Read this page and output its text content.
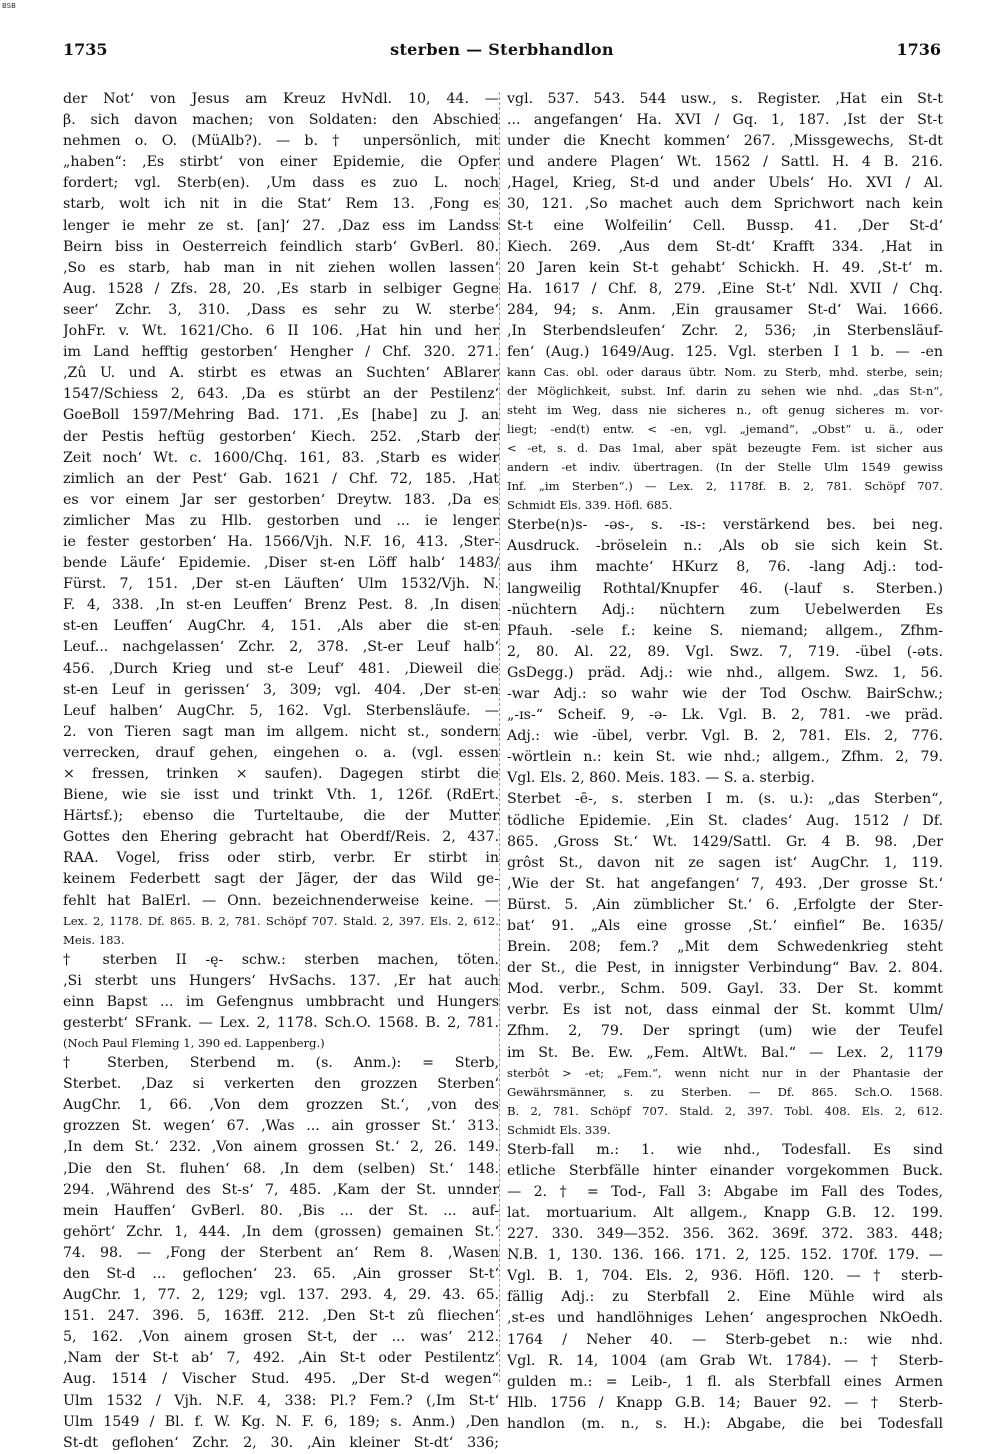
BSB
1735	sterben — Sterbhandlon	1736
der Not‘ von Jesus am Kreuz HvNdl. 10, 44. —
β. sich davon machen; von Soldaten: den Abschied
nehmen o. O. (MüAlb?). — b. † unpersönlich, mit
„haben“: ‚Es stirbt‘ von einer Epidemie, die Opfer
fordert; vgl. Sterb(en). ‚Um dass es zuo L. noch
starb, wolt ich nit in die Stat‘ Rem 13. ‚Fong es
lenger ie mehr ze st. [an]‘ 27. ‚Daz ess im Landss
Beirn biss in Oesterreich feindlich starb‘ GvBerl. 80.
‚So es starb, hab man in nit ziehen wollen lassen‘
Aug. 1528 / Zfs. 28, 20. ‚Es starb in selbiger Gegne
seer‘ Zchr. 3, 310. ‚Dass es sehr zu W. sterbe‘
JohFr. v. Wt. 1621/Cho. 6 II 106. ‚Hat hin und her
im Land hefftig gestorben‘ Hengher / Chf. 320. 271.
‚Zû U. und A. stirbt es etwas an Suchten‘ ABlarer
1547/Schiess 2, 643. ‚Da es stürbt an der Pestilenz‘
GoeBoll 1597/Mehring Bad. 171. ‚Es [habe] zu J. an
der Pestis heftüg gestorben‘ Kiech. 252. ‚Starb der
Zeit noch‘ Wt. c. 1600/Chq. 161, 83. ‚Starb es wider
zimlich an der Pest‘ Gab. 1621 / Chf. 72, 185. ‚Hat
es vor einem Jar ser gestorben‘ Dreytw. 183. ‚Da es
zimlicher Mas zu Hlb. gestorben und ... ie lenger
ie fester gestorben‘ Ha. 1566/Vjh. N.F. 16, 413. ‚Ster-
bende Läufe‘ Epidemie. ‚Diser st-en Löff halb‘ 1483/
Fürst. 7, 151. ‚Der st-en Läuften‘ Ulm 1532/Vjh. N.
F. 4, 338. ‚In st-en Leuffen‘ Brenz Pest. 8. ‚In disen
st-en Leuffen‘ AugChr. 4, 151. ‚Als aber die st-en
Leuf... nachgelassen‘ Zchr. 2, 378. ‚St-er Leuf halb‘
456. ‚Durch Krieg und st-e Leuf‘ 481. ‚Dieweil die
st-en Leuf in gerissen‘ 3, 309; vgl. 404. ‚Der st-en
Leuf halben‘ AugChr. 5, 162. Vgl. Sterbensläufe. —
2. von Tieren sagt man im allgem. nicht st., sondern
verrecken, drauf gehen, eingehen o. a. (vgl. essen
× fressen, trinken × saufen). Dagegen stirbt die
Biene, wie sie isst und trinkt Vth. 1, 126f. (RdErt.
Härtsf.); ebenso die Turteltaube, die der Mutter
Gottes den Ehering gebracht hat Oberdf/Reis. 2, 437.
RAA. Vogel, friss oder stirb, verbr. Er stirbt in
keinem Federbett sagt der Jäger, der das Wild ge-
fehlt hat BalErl. — Onn. bezeichnenderweise keine. —
Lex. 2, 1178. Df. 865. B. 2, 781. Schöpf 707. Stald. 2, 397. Els. 2, 612.
Meis. 183.
† sterben II -ę- schw.: sterben machen, töten.
‚Si sterbt uns Hungers‘ HvSachs. 137. ‚Er hat auch
einn Bapst ... im Gefengnus umbbracht und Hungers
gesterbt‘ SFrank. — Lex. 2, 1178. Sch.O. 1568. B. 2, 781.
(Noch Paul Fleming 1, 390 ed. Lappenberg.)
† Sterben, Sterbend m. (s. Anm.): = Sterb,
Sterbet. ‚Daz si verkerten den grozzen Sterben‘
AugChr. 1, 66. ‚Von dem grozzen St.‘, ‚von des
grozzen St. wegen‘ 67. ‚Was ... ain grosser St.‘ 313.
‚In dem St.‘ 232. ‚Von ainem grossen St.‘ 2, 26. 149.
‚Die den St. fluhen‘ 68. ‚In dem (selben) St.‘ 148.
294. ‚Während des St-s‘ 7, 485. ‚Kam der St. unnder
mein Hauffen‘ GvBerl. 80. ‚Bis ... der St. ... auf-
gehört‘ Zchr. 1, 444. ‚In dem (grossen) gemainen St.‘
74. 98. — ‚Fong der Sterbent an‘ Rem 8. ‚Wasen
den St-d ... geflochen‘ 23. 65. ‚Ain grosser St-t‘
AugChr. 1, 77. 2, 129; vgl. 137. 293. 4, 29. 43. 65.
151. 247. 396. 5, 163ff. 212. ‚Den St-t zû fliechen‘
5, 162. ‚Von ainem grosen St-t, der ... was‘ 212.
‚Nam der St-t ab‘ 7, 492. ‚Ain St-t oder Pestilentz‘
Aug. 1514 / Vischer Stud. 495. „Der St-d wegen“
Ulm 1532 / Vjh. N.F. 4, 338: Pl.? Fem.? (‚Im St-t‘
Ulm 1549 / Bl. f. W. Kg. N. F. 6, 189; s. Anm.) ‚Den
St-dt geflohen‘ Zchr. 2, 30. ‚Ain kleiner St-dt‘ 336;
vgl. 537. 543. 544 usw., s. Register. ‚Hat ein St-t
... angefangen‘ Ha. XVI / Gq. 1, 187. ‚Ist der St-t
under die Knecht kommen‘ 267. ‚Missgewechs, St-dt
und andere Plagen‘ Wt. 1562 / Sattl. H. 4 B. 216.
‚Hagel, Krieg, St-d und ander Ubels‘ Ho. XVI / Al.
30, 121. ‚So machet auch dem Sprichwort nach kein
St-t eine Wolfeilin‘ Cell. Bussp. 41. ‚Der St-d‘
Kiech. 269. ‚Aus dem St-dt‘ Krafft 334. ‚Hat in
20 Jaren kein St-t gehabt‘ Schickh. H. 49. ‚St-t‘ m.
Ha. 1617 / Chf. 8, 279. ‚Eine St-t‘ Ndl. XVII / Chq.
284, 94; s. Anm. ‚Ein grausamer St-d‘ Wai. 1666.
‚In Sterbendsleufen‘ Zchr. 2, 536; ‚in Sterbensläuf-
fen‘ (Aug.) 1649/Aug. 125. Vgl. sterben I 1 b. — -en
kann Cas. obl. oder daraus übtr. Nom. zu Sterb, mhd. sterbe, sein;
der Möglichkeit, subst. Inf. darin zu sehen wie nhd. „das St-n“,
steht im Weg, dass nie sicheres n., oft genug sicheres m. vor-
liegt; -end(t) entw. < -en, vgl. „jemand“, „Obst“ u. ä., oder
< -et, s. d. Das 1mal, aber spät bezeugte Fem. ist sicher aus
andern -et indiv. übertragen. (In der Stelle Ulm 1549 gewiss
Inf. „im Sterben“.) — Lex. 2, 1178f. B. 2, 781. Schöpf 707.
Schmidt Els. 339. Höfl. 685.
Sterbe(n)s- -əs-, s. -ɪs-: verstärkend bes. bei neg.
Ausdruck. -bröselein n.: ‚Als ob sie sich kein St.
aus ihm machte‘ HKurz 8, 76. -lang Adj.: tod-
langweilig Rothtal/Knupfer 46. (-lauf s. Sterben.)
-nüchtern Adj.: nüchtern zum Uebelwerden Es
Pfauh. -sele f.: keine S. niemand; allgem., Zfhm-
2, 80. Al. 22, 89. Vgl. Swz. 7, 719. -übel (-əts.
GsDegg.) präd. Adj.: wie nhd., allgem. Swz. 1, 56.
-war Adj.: so wahr wie der Tod Oschw. BairSchw.;
„-ɪs-“ Scheif. 9, -ə- Lk. Vgl. B. 2, 781. -we präd.
Adj.: wie -übel, verbr. Vgl. B. 2, 781. Els. 2, 776.
-wörtlein n.: kein St. wie nhd.; allgem., Zfhm. 2, 79.
Vgl. Els. 2, 860. Meis. 183. — S. a. sterbig.
Sterbet -ē-, s. sterben I m. (s. u.): „das Sterben“,
tödliche Epidemie. ‚Ein St. clades‘ Aug. 1512 / Df.
865. ‚Gross St.‘ Wt. 1429/Sattl. Gr. 4 B. 98. ‚Der
grôst St., davon nit ze sagen ist‘ AugChr. 1, 119.
‚Wie der St. hat angefangen‘ 7, 493. ‚Der grosse St.‘
Bürst. 5. ‚Ain zümblicher St.‘ 6. ‚Erfolgte der Ster-
bat‘ 91. „Als eine grosse ‚St.‘ einfiel“ Be. 1635/
Brein. 208; fem.? „Mit dem Schwedenkrieg steht
der St., die Pest, in innigster Verbindung“ Bav. 2. 804.
Mod. verbr., Schm. 509. Gayl. 33. Der St. kommt
verbr. Es ist not, dass einmal der St. kommt Ulm/
Zfhm. 2, 79. Der springt (um) wie der Teufel
im St. Be. Ew. „Fem. AltWt. Bal.“ — Lex. 2, 1179
sterbôt > -et; „Fem.“, wenn nicht nur in der Phantasie der
Gewährsmänner, s. zu Sterben. — Df. 865. Sch.O. 1568.
B. 2, 781. Schöpf 707. Stald. 2, 397. Tobl. 408. Els. 2, 612.
Schmidt Els. 339.
Sterb-fall m.: 1. wie nhd., Todesfall. Es sind
etliche Sterbfälle hinter einander vorgekommen Buck.
— 2. † = Tod-, Fall 3: Abgabe im Fall des Todes,
lat. mortuarium. Alt allgem., Knapp G.B. 12. 199.
227. 330. 349—352. 356. 362. 369f. 372. 383. 448;
N.B. 1, 130. 136. 166. 171. 2, 125. 152. 170f. 179. —
Vgl. B. 1, 704. Els. 2, 936. Höfl. 120. — † sterb-
fällig Adj.: zu Sterbfall 2. Eine Mühle wird als
‚st-es und handlöhniges Lehen‘ angesprochen NkOedh.
1764 / Neher 40. — Sterb-gebet n.: wie nhd.
Vgl. R. 14, 1004 (am Grab Wt. 1784). — † Sterb-
gulden m.: = Leib-, 1 fl. als Sterbfall eines Armen
Hlb. 1756 / Knapp G.B. 14; Bauer 92. — † Sterb-
handlon (m. n., s. H.): Abgabe, die bei Todesfall
